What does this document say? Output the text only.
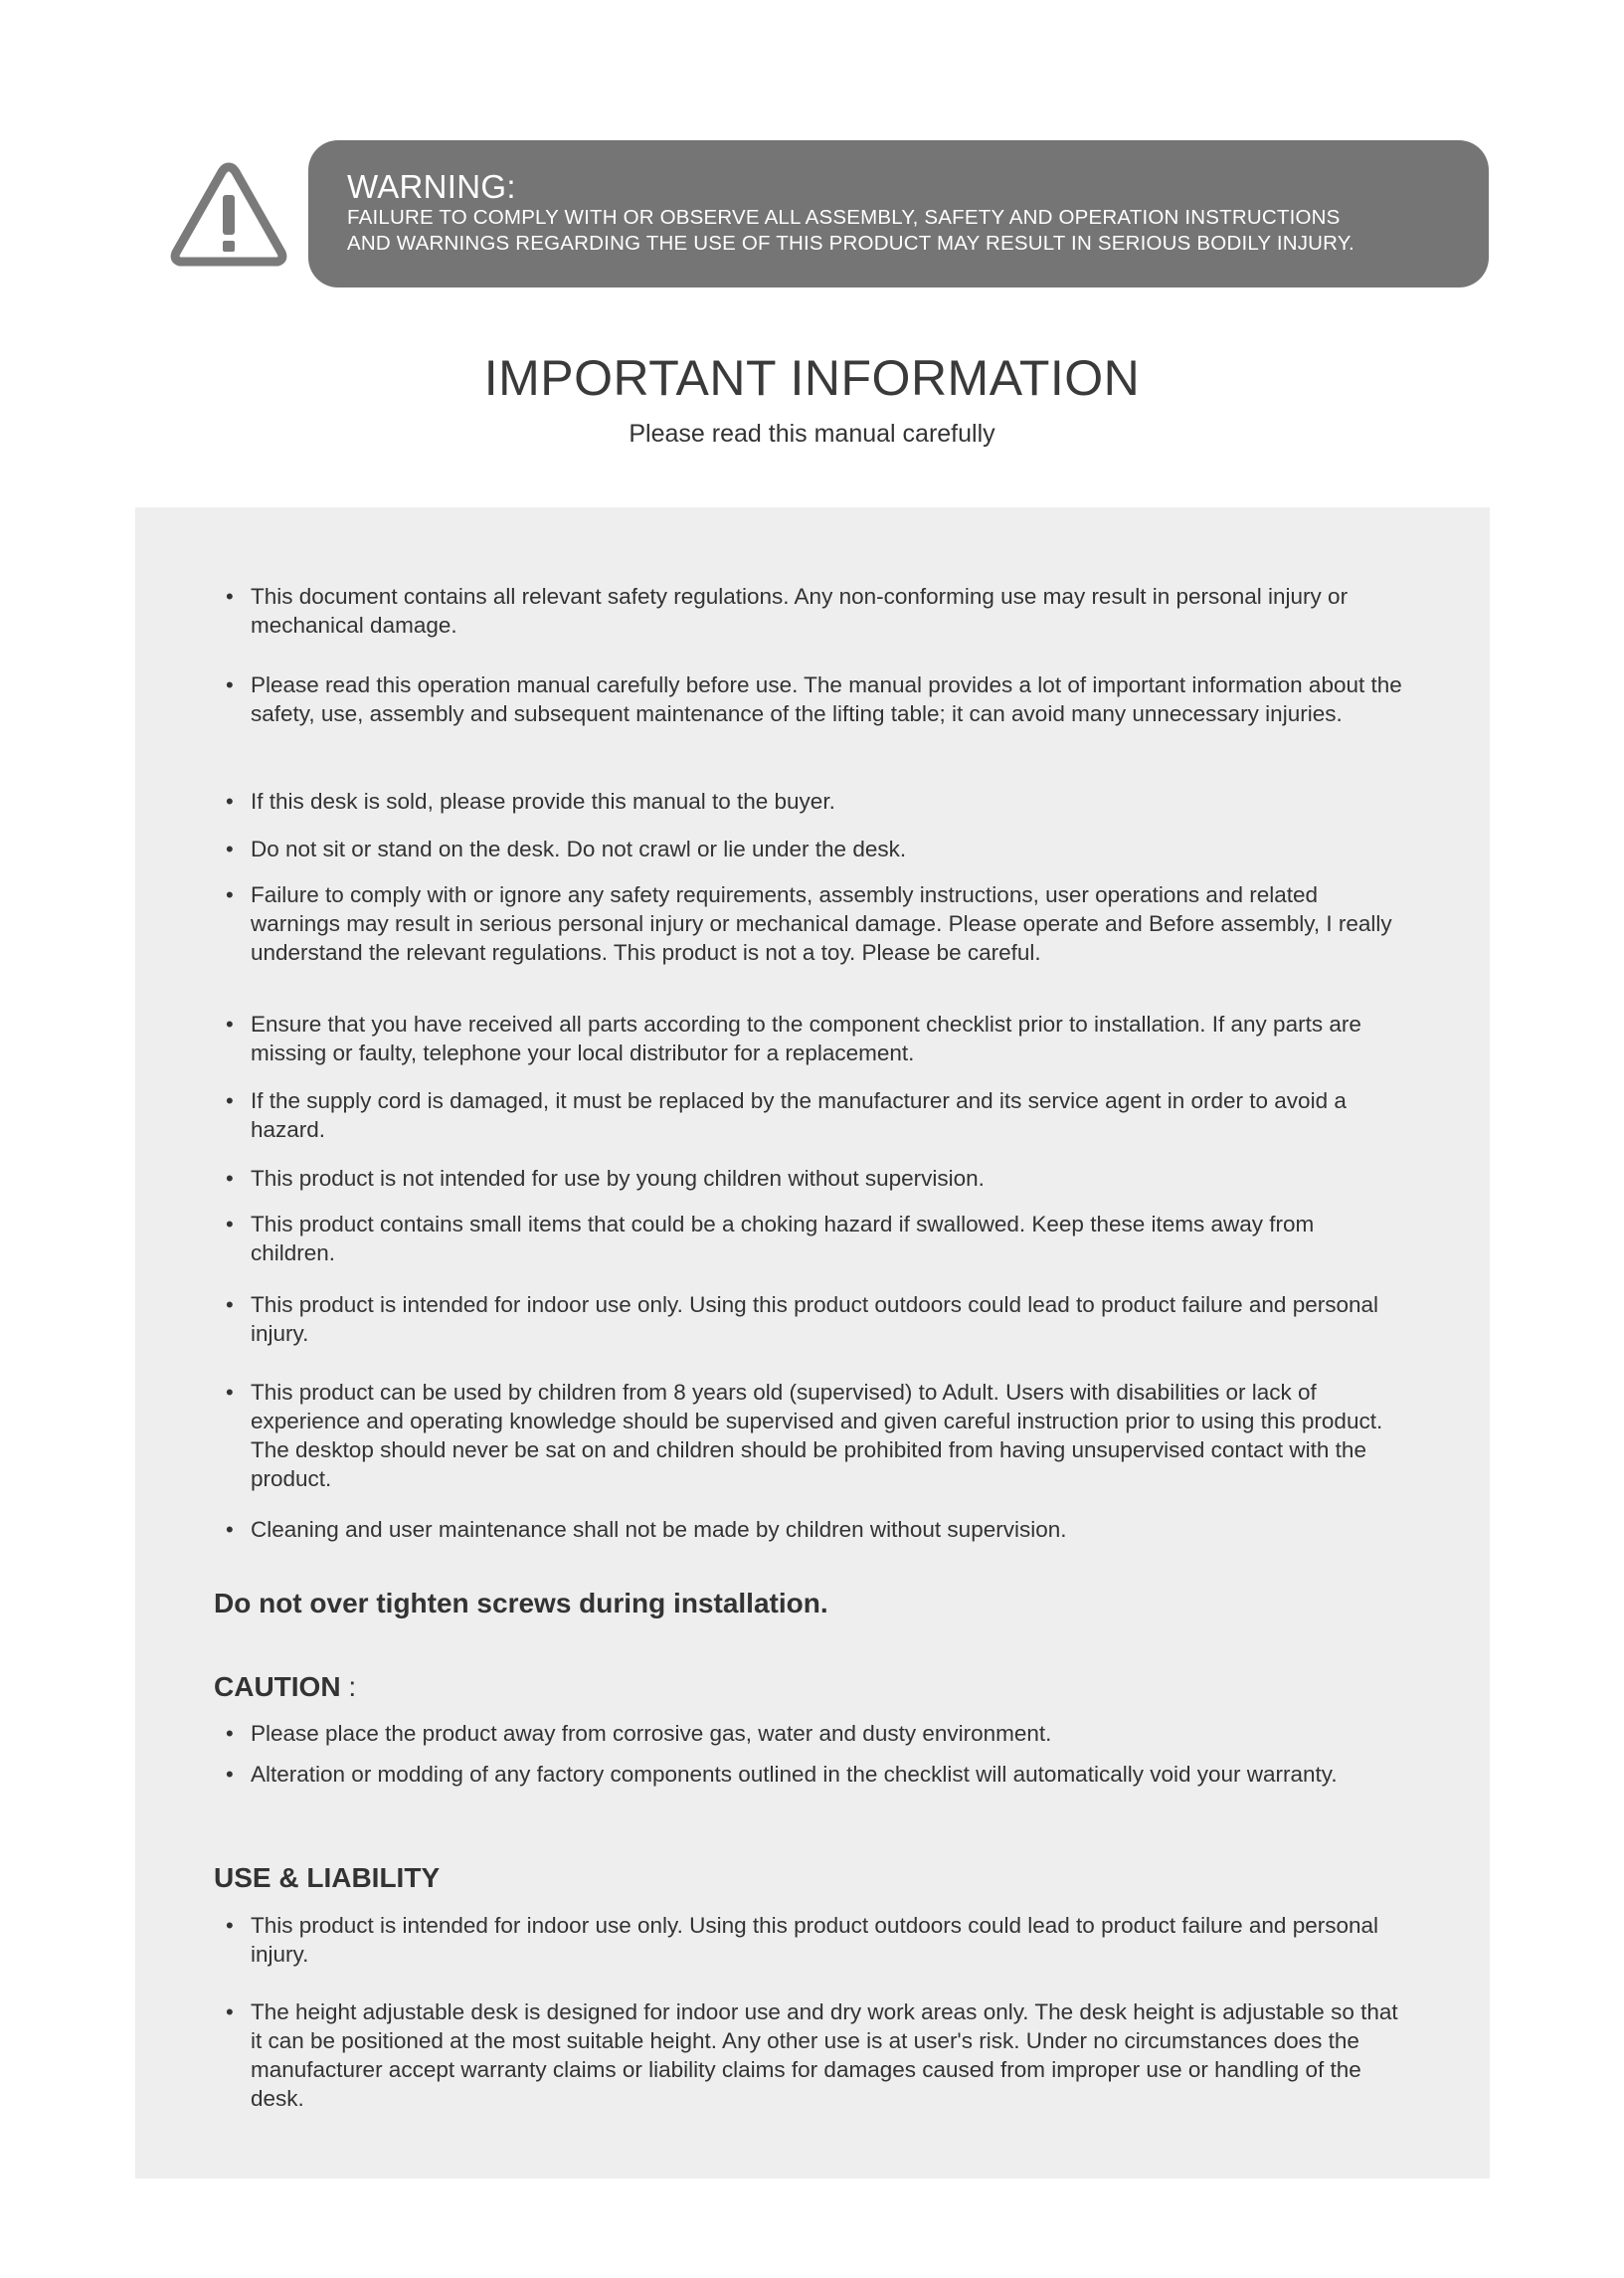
WARNING:
FAILURE TO COMPLY WITH OR OBSERVE ALL ASSEMBLY, SAFETY AND OPERATION INSTRUCTIONS
AND WARNINGS REGARDING THE USE OF THIS PRODUCT MAY RESULT IN SERIOUS BODILY INJURY.
IMPORTANT INFORMATION
Please read this manual carefully
• This document contains all relevant safety regulations. Any non-conforming use may result in personal injury or mechanical damage.
• Please read this operation manual carefully before use. The manual provides a lot of important information about the safety, use, assembly and subsequent maintenance of the lifting table; it can avoid many unnecessary injuries.
• If this desk is sold, please provide this manual to the buyer.
• Do not sit or stand on the desk. Do not crawl or lie under the desk.
• Failure to comply with or ignore any safety requirements, assembly instructions, user operations and related warnings may result in serious personal injury or mechanical damage. Please operate and Before assembly, I really understand the relevant regulations. This product is not a toy. Please be careful.
• Ensure that you have received all parts according to the component checklist prior to installation. If any parts are missing or faulty, telephone your local distributor for a replacement.
• If the supply cord is damaged, it must be replaced by the manufacturer and its service agent in order to avoid a hazard.
• This product is not intended for use by young children without supervision.
• This product contains small items that could be a choking hazard if swallowed. Keep these items away from children.
• This product is intended for indoor use only. Using this product outdoors could lead to product failure and personal injury.
• This product can be used by children from 8 years old (supervised) to Adult. Users with disabilities or lack of experience and operating knowledge should be supervised and given careful instruction prior to using this product. The desktop should never be sat on and children should be prohibited from having unsupervised contact with the product.
• Cleaning and user maintenance shall not be made by children without supervision.
Do not over tighten screws during installation.
CAUTION :
• Please place the product away from corrosive gas, water and dusty environment.
• Alteration or modding of any factory components outlined in the checklist will automatically void your warranty.
USE & LIABILITY
• This product is intended for indoor use only. Using this product outdoors could lead to product failure and personal injury.
• The height adjustable desk is designed for indoor use and dry work areas only. The desk height is adjustable so that it can be positioned at the most suitable height. Any other use is at user's risk. Under no circumstances does the manufacturer accept warranty claims or liability claims for damages caused from improper use or handling of the desk.
